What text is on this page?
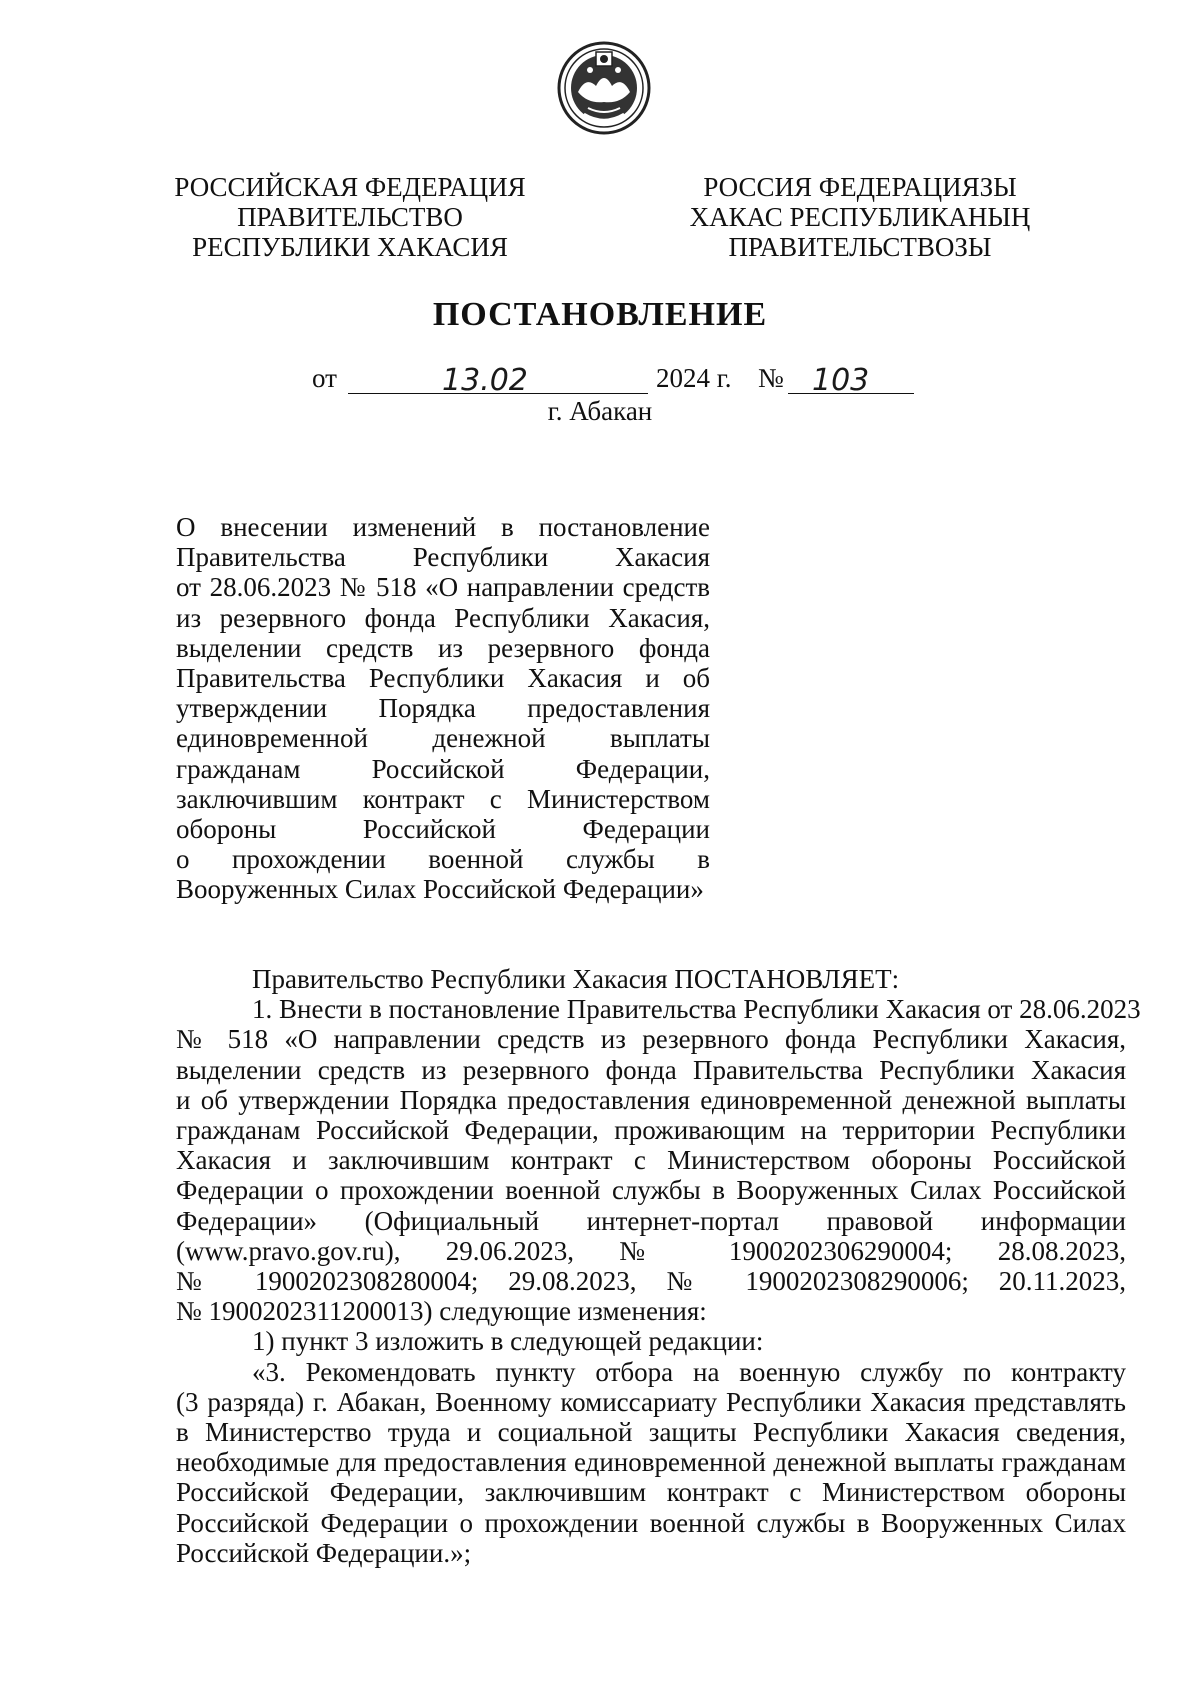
РОССИЙСКАЯ ФЕДЕРАЦИЯ
ПРАВИТЕЛЬСТВО
РЕСПУБЛИКИ ХАКАСИЯ
РОССИЯ ФЕДЕРАЦИЯЗЫ
ХАКАС РЕСПУБЛИКАНЫҢ
ПРАВИТЕЛЬСТВОЗЫ
ПОСТАНОВЛЕНИЕ
от	13.02	2024 г. № 103
г. Абакан
О внесении изменений в постановление
Правительства Республики Хакасия
от 28.06.2023 № 518 «О направлении средств
из резервного фонда Республики Хакасия,
выделении средств из резервного фонда
Правительства Республики Хакасия и об
утверждении Порядка предоставления
единовременной денежной выплаты
гражданам Российской Федерации,
заключившим контракт с Министерством
обороны Российской Федерации
о прохождении военной службы в
Вооруженных Силах Российской Федерации»
Правительство Республики Хакасия ПОСТАНОВЛЯЕТ:
1. Внести в постановление Правительства Республики Хакасия от 28.06.2023
№ 518 «О направлении средств из резервного фонда Республики Хакасия,
выделении средств из резервного фонда Правительства Республики Хакасия
и об утверждении Порядка предоставления единовременной денежной выплаты
гражданам Российской Федерации, проживающим на территории Республики
Хакасия и заключившим контракт с Министерством обороны Российской
Федерации о прохождении военной службы в Вооруженных Силах Российской
Федерации» (Официальный интернет-портал правовой информации
(www.pravo.gov.ru), 29.06.2023, № 1900202306290004; 28.08.2023,
№ 1900202308280004; 29.08.2023, № 1900202308290006; 20.11.2023,
№ 1900202311200013) следующие изменения:
1) пункт 3 изложить в следующей редакции:
«3. Рекомендовать пункту отбора на военную службу по контракту
(3 разряда) г. Абакан, Военному комиссариату Республики Хакасия представлять
в Министерство труда и социальной защиты Республики Хакасия сведения,
необходимые для предоставления единовременной денежной выплаты гражданам
Российской Федерации, заключившим контракт с Министерством обороны
Российской Федерации о прохождении военной службы в Вооруженных Силах
Российской Федерации.»;
